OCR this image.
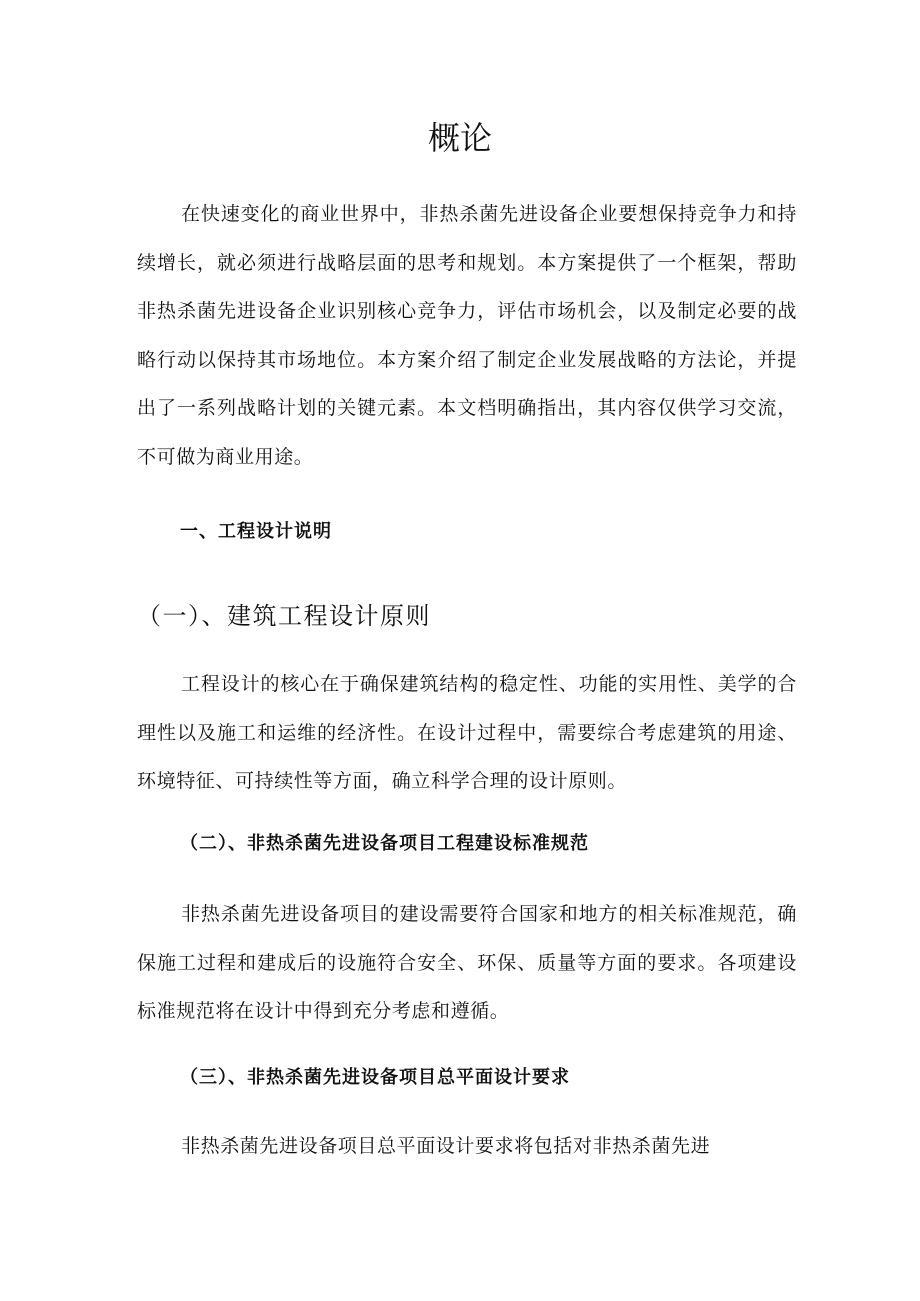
概论

在快速变化的商业世界中，非热杀菌先进设备企业要想保持竞争力和持续增长，就必须进行战略层面的思考和规划。本方案提供了一个框架，帮助非热杀菌先进设备企业识别核心竞争力，评估市场机会，以及制定必要的战略行动以保持其市场地位。本方案介绍了制定企业发展战略的方法论，并提出了一系列战略计划的关键元素。本文档明确指出，其内容仅供学习交流，不可做为商业用途。

一、工程设计说明
（一）、建筑工程设计原则

工程设计的核心在于确保建筑结构的稳定性、功能的实用性、美学的合理性以及施工和运维的经济性。在设计过程中，需要综合考虑建筑的用途、环境特征、可持续性等方面，确立科学合理的设计原则。

（二）、非热杀菌先进设备项目工程建设标准规范

非热杀菌先进设备项目的建设需要符合国家和地方的相关标准规范，确保施工过程和建成后的设施符合安全、环保、质量等方面的要求。各项建设标准规范将在设计中得到充分考虑和遵循。

（三）、非热杀菌先进设备项目总平面设计要求

非热杀菌先进设备项目总平面设计要求将包括对非热杀菌先进
